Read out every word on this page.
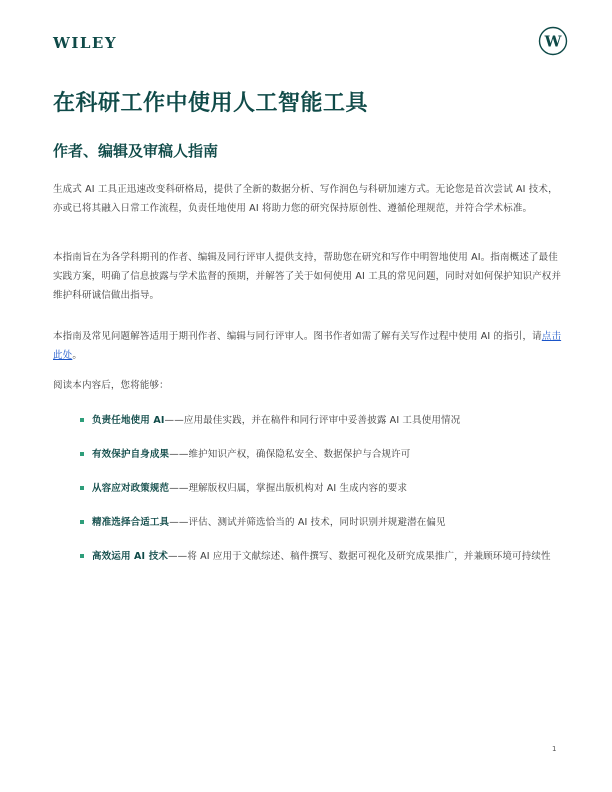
WILEY	W
在科研工作中使用人工智能工具
作者、编辑及审稿人指南

生成式 AI 工具正迅速改变科研格局，提供了全新的数据分析、写作润色与科研加速方式。无论您是首次尝试 AI 技术，亦或已将其融入日常工作流程，负责任地使用 AI 将助力您的研究保持原创性、遵循伦理规范，并符合学术标准。

本指南旨在为各学科期刊的作者、编辑及同行评审人提供支持，帮助您在研究和写作中明智地使用 AI。指南概述了最佳实践方案，明确了信息披露与学术监督的预期，并解答了关于如何使用 AI 工具的常见问题，同时对如何保护知识产权并维护科研诚信做出指导。

本指南及常见问题解答适用于期刊作者、编辑与同行评审人。图书作者如需了解有关写作过程中使用 AI 的指引，请点击此处。

阅读本内容后，您将能够：

负责任地使用 AI——应用最佳实践，并在稿件和同行评审中妥善披露 AI 工具使用情况
有效保护自身成果——维护知识产权，确保隐私安全、数据保护与合规许可
从容应对政策规范——理解版权归属，掌握出版机构对 AI 生成内容的要求
精准选择合适工具——评估、测试并筛选恰当的 AI 技术，同时识别并规避潜在偏见
高效运用 AI 技术——将 AI 应用于文献综述、稿件撰写、数据可视化及研究成果推广，并兼顾环境可持续性
1
